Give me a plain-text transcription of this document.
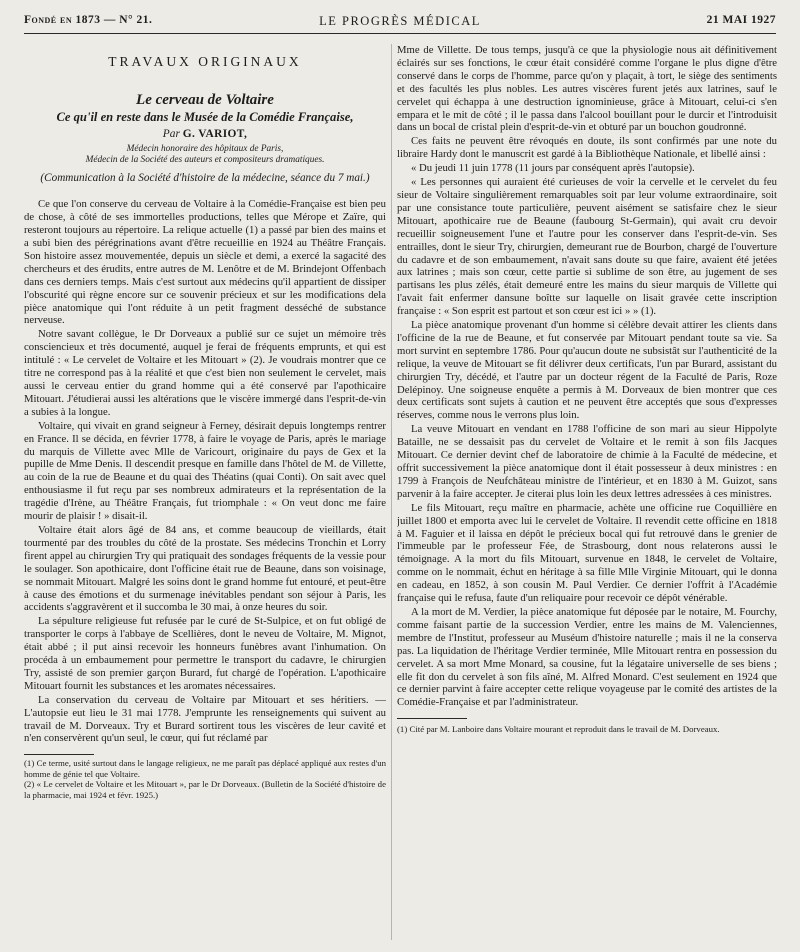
Fondé en 1873 — N° 21.	LE PROGRÈS MÉDICAL	21 MAI 1927
TRAVAUX ORIGINAUX
Le cerveau de Voltaire
Ce qu'il en reste dans le Musée de la Comédie Française,
Par G. VARIOT,
Médecin honoraire des hôpitaux de Paris,
Médecin de la Société des auteurs et compositeurs dramatiques.
(Communication à la Société d'histoire de la médecine, séance du 7 mai.)

Ce que l'on conserve du cerveau de Voltaire à la Comédie-Française est bien peu de chose, à côté de ses immortelles productions, telles que Mérope et Zaïre, qui resteront toujours au répertoire. La relique actuelle (1) a passé par bien des mains et a subi bien des pérégrinations avant d'être recueillie en 1924 au Théâtre Français. Son histoire assez mouvementée, depuis un siècle et demi, a exercé la sagacité des chercheurs et des érudits, entre autres de M. Lenôtre et de M. Brindejont Offenbach dans ces derniers temps. Mais c'est surtout aux médecins qu'il appartient de dissiper l'obscurité qui règne encore sur ce souvenir précieux et sur les modifications dela pièce anatomique qui l'ont réduite à un petit fragment desséché de substance nerveuse.

Notre savant collègue, le Dr Dorveaux a publié sur ce sujet un mémoire très consciencieux et très documenté, auquel je ferai de fréquents emprunts, et qui est intitulé : « Le cervelet de Voltaire et les Mitouart » (2). Je voudrais montrer que ce titre ne correspond pas à la réalité et que c'est bien non seulement le cervelet, mais aussi le cerveau entier du grand homme qui a été conservé par l'apothicaire Mitouart. J'étudierai aussi les altérations que le viscère immergé dans l'esprit-de-vin a subies à la longue.

Voltaire, qui vivait en grand seigneur à Ferney, désirait depuis longtemps rentrer en France. Il se décida, en février 1778, à faire le voyage de Paris, après le mariage du marquis de Villette avec Mlle de Varicourt, originaire du pays de Gex et la pupille de Mme Denis. Il descendit presque en famille dans l'hôtel de M. de Villette, au coin de la rue de Beaune et du quai des Théatins (quai Conti). On sait avec quel enthousiasme il fut reçu par ses nombreux admirateurs et la représentation de la tragédie d'Irène, au Théâtre Français, fut triomphale : « On veut donc me faire mourir de plaisir ! » disait-il.

Voltaire était alors âgé de 84 ans, et comme beaucoup de vieillards, était tourmenté par des troubles du côté de la prostate. Ses médecins Tronchin et Lorry firent appel au chirurgien Try qui pratiquait des sondages fréquents de la vessie pour le soulager. Son apothicaire, dont l'officine était rue de Beaune, dans son voisinage, se nommait Mitouart. Malgré les soins dont le grand homme fut entouré, et peut-être à cause des émotions et du surmenage inévitables pendant son séjour à Paris, les accidents s'aggravèrent et il succomba le 30 mai, à onze heures du soir.

La sépulture religieuse fut refusée par le curé de St-Sulpice, et on fut obligé de transporter le corps à l'abbaye de Scellières, dont le neveu de Voltaire, M. Mignot, était abbé ; il put ainsi recevoir les honneurs funèbres avant l'inhumation. On procéda à un embaumement pour permettre le transport du cadavre, le chirurgien Try, assisté de son premier garçon Burard, fut chargé de l'opération. L'apothicaire Mitouart fournit les substances et les aromates nécessaires.

La conservation du cerveau de Voltaire par Mitouart et ses héritiers. — L'autopsie eut lieu le 31 mai 1778. J'emprunte les renseignements qui suivent au travail de M. Dorveaux. Try et Burard sortirent tous les viscères de leur cavité et n'en conservèrent qu'un seul, le cœur, qui fut réclamé par

(1) Ce terme, usité surtout dans le langage religieux, ne me paraît pas déplacé appliqué aux restes d'un homme de génie tel que Voltaire.
(2) « Le cervelet de Voltaire et les Mitouart », par le Dr Dorveaux. (Bulletin de la Société d'histoire de la pharmacie, mai 1924 et févr. 1925.)

Mme de Villette. De tous temps, jusqu'à ce que la physiologie nous ait définitivement éclairés sur ses fonctions, le cœur était considéré comme l'organe le plus digne d'être conservé dans le corps de l'homme, parce qu'on y plaçait, à tort, le siège des sentiments et des facultés les plus nobles. Les autres viscères furent jetés aux latrines, sauf le cervelet qui échappa à une destruction ignominieuse, grâce à Mitouart, celui-ci s'en empara et le mit de côté ; il le passa dans l'alcool bouillant pour le durcir et l'introduisit dans un bocal de cristal plein d'esprit-de-vin et obturé par un bouchon goudronné.

Ces faits ne peuvent être révoqués en doute, ils sont confirmés par une note du libraire Hardy dont le manuscrit est gardé à la Bibliothèque Nationale, et libellé ainsi :

« Du jeudi 11 juin 1778 (11 jours par conséquent après l'autopsie).

« Les personnes qui auraient été curieuses de voir la cervelle et le cervelet du feu sieur de Voltaire singulièrement remarquables soit par leur volume extraordinaire, soit par une consistance toute particulière, peuvent aisément se satisfaire chez le sieur Mitouart, apothicaire rue de Beaune (faubourg St-Germain), qui avait cru devoir recueillir soigneusement l'une et l'autre pour les conserver dans l'esprit-de-vin. Ses entrailles, dont le sieur Try, chirurgien, demeurant rue de Bourbon, chargé de l'ouverture du cadavre et de son embaumement, n'avait sans doute su que faire, avaient été jetées aux latrines ; mais son cœur, cette partie si sublime de son être, au jugement de ses partisans les plus zélés, était demeuré entre les mains du sieur marquis de Villette qui l'avait fait enfermer dansune boîtte sur laquelle on lisait gravée cette inscription française : « Son esprit est partout et son cœur est ici » » (1).

La pièce anatomique provenant d'un homme si célèbre devait attirer les clients dans l'officine de la rue de Beaune, et fut conservée par Mitouart pendant toute sa vie. Sa mort survint en septembre 1786. Pour qu'aucun doute ne subsistât sur l'authenticité de la relique, la veuve de Mitouart se fit délivrer deux certificats, l'un par Burard, assistant du chirurgien Try, décédé, et l'autre par un docteur régent de la Faculté de Paris, Roze Delépinoy. Une soigneuse enquête a permis à M. Dorveaux de bien montrer que ces deux certificats sont sujets à caution et ne peuvent être acceptés que sous d'expresses réserves, comme nous le verrons plus loin.

La veuve Mitouart en vendant en 1788 l'officine de son mari au sieur Hippolyte Bataille, ne se dessaisit pas du cervelet de Voltaire et le remit à son fils Jacques Mitouart. Ce dernier devint chef de laboratoire de chimie à la Faculté de médecine, et offrit successivement la pièce anatomique dont il était possesseur à deux ministres : en 1799 à François de Neufchâteau ministre de l'intérieur, et en 1830 à M. Guizot, sans parvenir à la faire accepter. Je citerai plus loin les deux lettres adressées à ces ministres.

Le fils Mitouart, reçu maître en pharmacie, achète une officine rue Coquillière en juillet 1800 et emporta avec lui le cervelet de Voltaire. Il revendit cette officine en 1818 à M. Faguier et il laissa en dépôt le précieux bocal qui fut retrouvé dans le grenier de l'immeuble par le professeur Fée, de Strasbourg, dont nous relaterons aussi le témoignage. A la mort du fils Mitouart, survenue en 1848, le cervelet de Voltaire, comme on le nommait, échut en héritage à sa fille Mlle Virginie Mitouart, qui le donna en cadeau, en 1852, à son cousin M. Paul Verdier. Ce dernier l'offrit à l'Académie française qui le refusa, faute d'un reliquaire pour recevoir ce dépôt vénérable.

A la mort de M. Verdier, la pièce anatomique fut déposée par le notaire, M. Fourchy, comme faisant partie de la succession Verdier, entre les mains de M. Valenciennes, membre de l'Institut, professeur au Muséum d'histoire naturelle ; mais il ne la conserva pas. La liquidation de l'héritage Verdier terminée, Mlle Mitouart rentra en possession du cervelet. A sa mort Mme Monard, sa cousine, fut la légataire universelle de ses biens ; elle fit don du cervelet à son fils aîné, M. Alfred Monard. C'est seulement en 1924 que ce dernier parvint à faire accepter cette relique voyageuse par le comité des artistes de la Comédie-Française et par l'administrateur.

(1) Cité par M. Lanboire dans Voltaire mourant et reproduit dans le travail de M. Dorveaux.
